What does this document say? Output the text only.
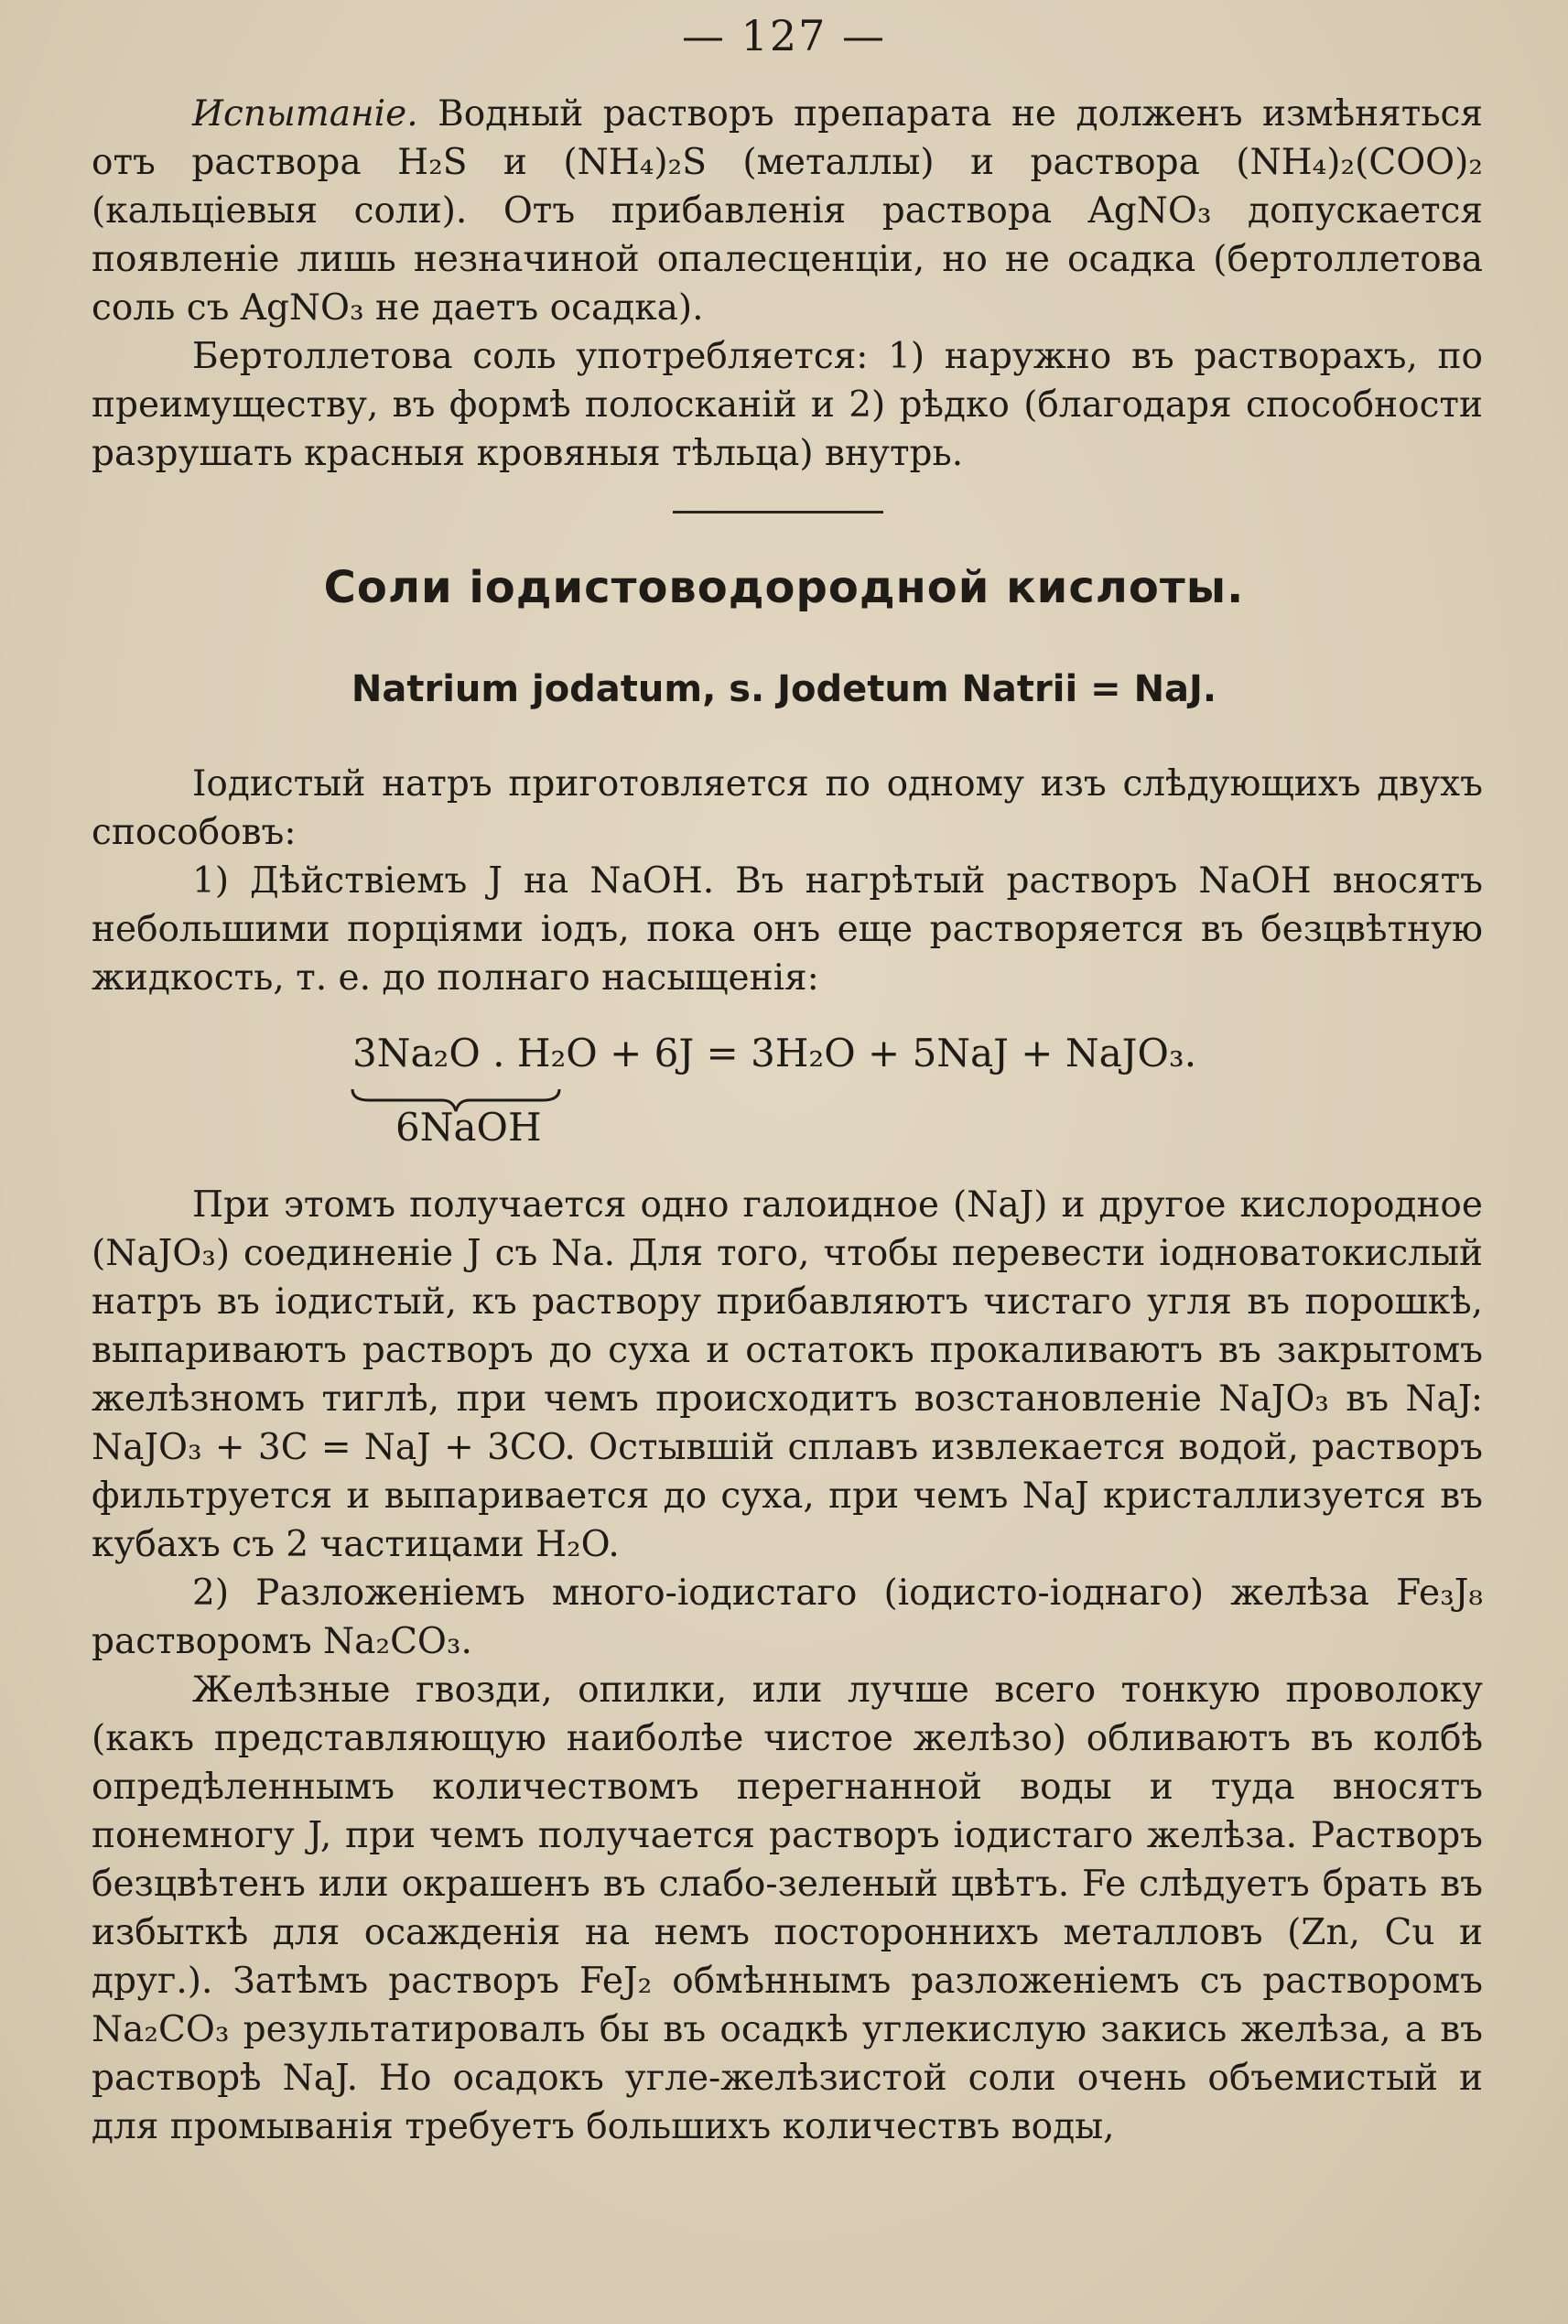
— 127 —

Испытаніе. Водный растворъ препарата не долженъ измѣняться отъ раствора H₂S и (NH₄)₂S (металлы) и раствора (NH₄)₂(COO)₂ (кальціевыя соли). Отъ прибавленія раствора AgNO₃ допускается появленіе лишь незначиной опалесценціи, но не осадка (бертоллетова соль съ AgNO₃ не даетъ осадка).

Бертоллетова соль употребляется: 1) наружно въ растворахъ, по преимуществу, въ формѣ полосканій и 2) рѣдко (благодаря способности разрушать красныя кровяныя тѣльца) внутрь.

Соли іодистоводородной кислоты.
Natrium jodatum, s. Jodetum Natrii = NaJ.

Іодистый натръ приготовляется по одному изъ слѣдующихъ двухъ способовъ:

1) Дѣйствіемъ J на NaOH. Въ нагрѣтый растворъ NaOH вносятъ небольшими порціями іодъ, пока онъ еще растворяется въ безцвѣтную жидкость, т. е. до полнаго насыщенія:

3Na₂O . H₂O + 6J = 3H₂O + 5NaJ + NaJO₃.
6NaOH

При этомъ получается одно галоидное (NaJ) и другое кислородное (NaJO₃) соединеніе J съ Na. Для того, чтобы перевести іодноватокислый натръ въ іодистый, къ раствору прибавляютъ чистаго угля въ порошкѣ, выпариваютъ растворъ до суха и остатокъ прокаливаютъ въ закрытомъ желѣзномъ тиглѣ, при чемъ происходитъ возстановленіе NaJO₃ въ NaJ: NaJO₃ + 3C = NaJ + 3CO. Остывшій сплавъ извлекается водой, растворъ фильтруется и выпаривается до суха, при чемъ NaJ кристаллизуется въ кубахъ съ 2 частицами H₂O.

2) Разложеніемъ много-іодистаго (іодисто-іоднаго) желѣза Fe₃J₈ растворомъ Na₂CO₃.

Желѣзные гвозди, опилки, или лучше всего тонкую проволоку (какъ представляющую наиболѣе чистое желѣзо) обливаютъ въ колбѣ опредѣленнымъ количествомъ перегнанной воды и туда вносятъ понемногу J, при чемъ получается растворъ іодистаго желѣза. Растворъ безцвѣтенъ или окрашенъ въ слабо-зеленый цвѣтъ. Fe слѣдуетъ брать въ избыткѣ для осажденія на немъ постороннихъ металловъ (Zn, Cu и друг.). Затѣмъ растворъ FeJ₂ обмѣннымъ разложеніемъ съ растворомъ Na₂CO₃ результатировалъ бы въ осадкѣ углекислую закись желѣза, а въ растворѣ NaJ. Но осадокъ угле-желѣзистой соли очень объемистый и для промыванія требуетъ большихъ количествъ воды,
